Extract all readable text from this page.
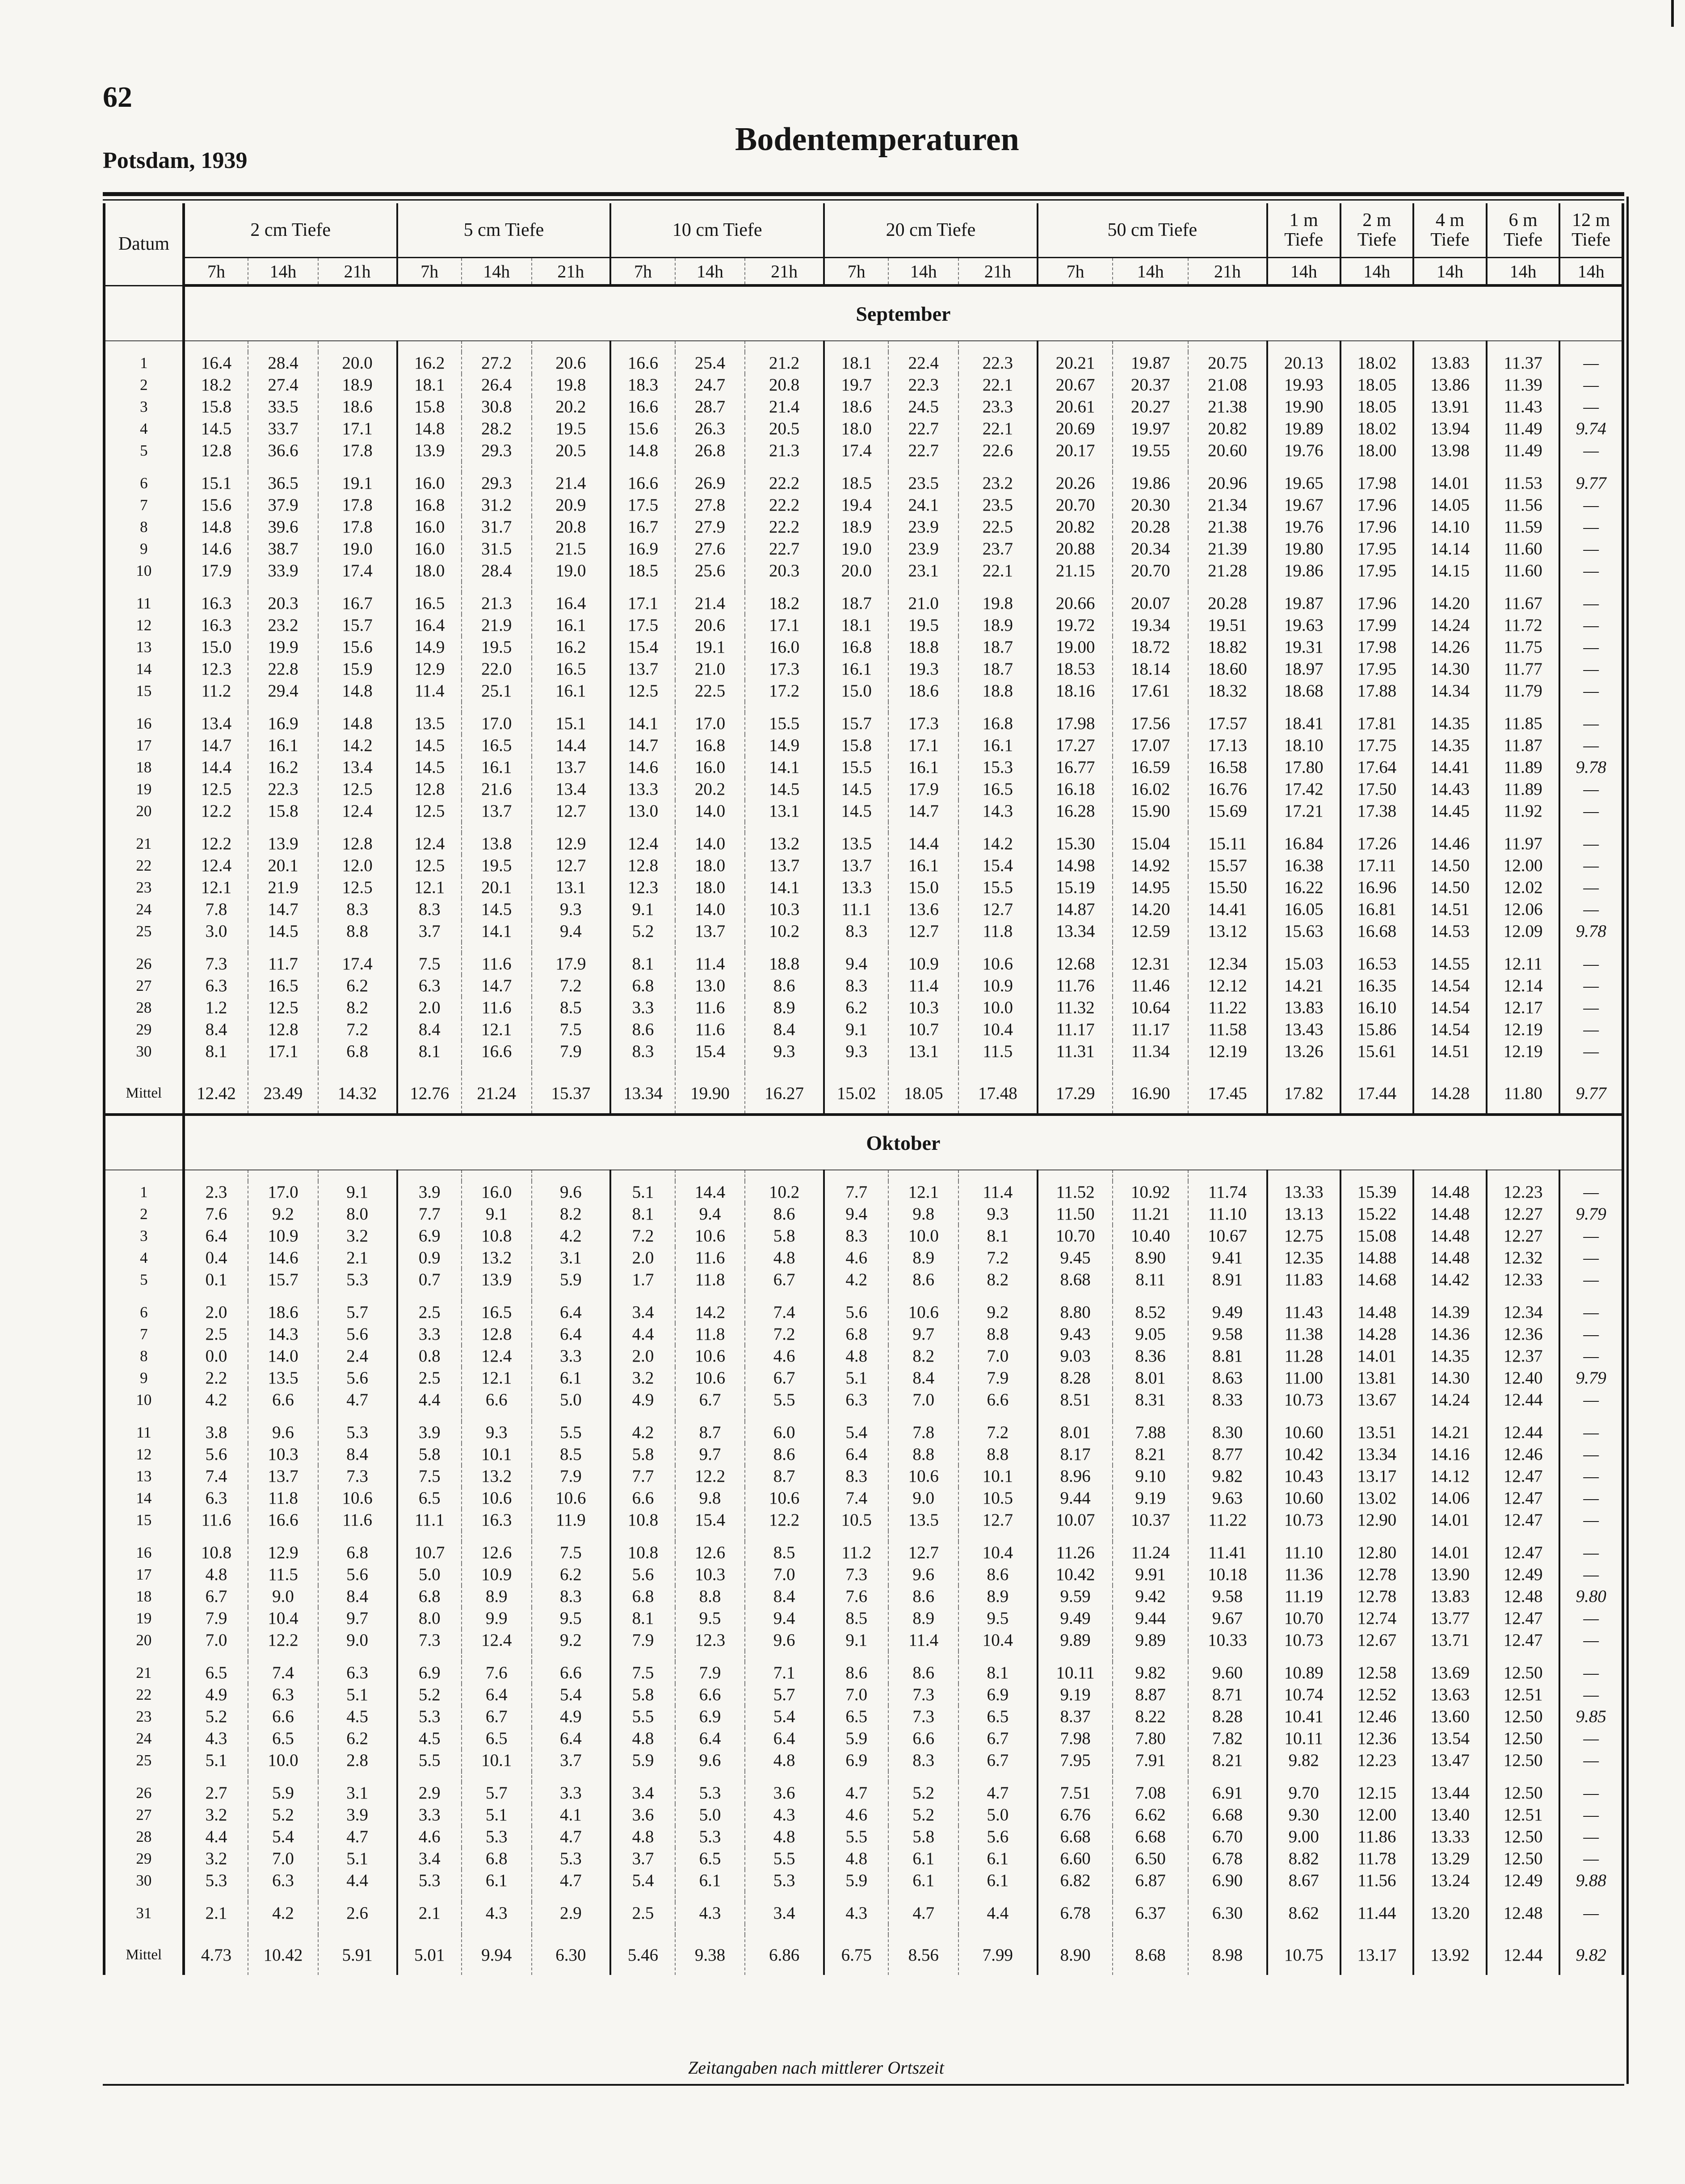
62
Potsdam, 1939
Bodentemperaturen
Datum	2 cm Tiefe			5 cm Tiefe			10 cm Tiefe			20 cm Tiefe			50 cm Tiefe			1 m Tiefe	2 m Tiefe	4 m Tiefe	6 m Tiefe	12 m Tiefe
	7h	14h	21h	7h	14h	21h	7h	14h	21h	7h	14h	21h	7h	14h	21h	14h	14h	14h	14h	14h
	September																			

1	16.4	28.4	20.0	16.2	27.2	20.6	16.6	25.4	21.2	18.1	22.4	22.3	20.21	19.87	20.75	20.13	18.02	13.83	11.37	—
2	18.2	27.4	18.9	18.1	26.4	19.8	18.3	24.7	20.8	19.7	22.3	22.1	20.67	20.37	21.08	19.93	18.05	13.86	11.39	—
3	15.8	33.5	18.6	15.8	30.8	20.2	16.6	28.7	21.4	18.6	24.5	23.3	20.61	20.27	21.38	19.90	18.05	13.91	11.43	—
4	14.5	33.7	17.1	14.8	28.2	19.5	15.6	26.3	20.5	18.0	22.7	22.1	20.69	19.97	20.82	19.89	18.02	13.94	11.49	9.74
5	12.8	36.6	17.8	13.9	29.3	20.5	14.8	26.8	21.3	17.4	22.7	22.6	20.17	19.55	20.60	19.76	18.00	13.98	11.49	—

6	15.1	36.5	19.1	16.0	29.3	21.4	16.6	26.9	22.2	18.5	23.5	23.2	20.26	19.86	20.96	19.65	17.98	14.01	11.53	9.77
7	15.6	37.9	17.8	16.8	31.2	20.9	17.5	27.8	22.2	19.4	24.1	23.5	20.70	20.30	21.34	19.67	17.96	14.05	11.56	—
8	14.8	39.6	17.8	16.0	31.7	20.8	16.7	27.9	22.2	18.9	23.9	22.5	20.82	20.28	21.38	19.76	17.96	14.10	11.59	—
9	14.6	38.7	19.0	16.0	31.5	21.5	16.9	27.6	22.7	19.0	23.9	23.7	20.88	20.34	21.39	19.80	17.95	14.14	11.60	—
10	17.9	33.9	17.4	18.0	28.4	19.0	18.5	25.6	20.3	20.0	23.1	22.1	21.15	20.70	21.28	19.86	17.95	14.15	11.60	—

11	16.3	20.3	16.7	16.5	21.3	16.4	17.1	21.4	18.2	18.7	21.0	19.8	20.66	20.07	20.28	19.87	17.96	14.20	11.67	—
12	16.3	23.2	15.7	16.4	21.9	16.1	17.5	20.6	17.1	18.1	19.5	18.9	19.72	19.34	19.51	19.63	17.99	14.24	11.72	—
13	15.0	19.9	15.6	14.9	19.5	16.2	15.4	19.1	16.0	16.8	18.8	18.7	19.00	18.72	18.82	19.31	17.98	14.26	11.75	—
14	12.3	22.8	15.9	12.9	22.0	16.5	13.7	21.0	17.3	16.1	19.3	18.7	18.53	18.14	18.60	18.97	17.95	14.30	11.77	—
15	11.2	29.4	14.8	11.4	25.1	16.1	12.5	22.5	17.2	15.0	18.6	18.8	18.16	17.61	18.32	18.68	17.88	14.34	11.79	—

16	13.4	16.9	14.8	13.5	17.0	15.1	14.1	17.0	15.5	15.7	17.3	16.8	17.98	17.56	17.57	18.41	17.81	14.35	11.85	—
17	14.7	16.1	14.2	14.5	16.5	14.4	14.7	16.8	14.9	15.8	17.1	16.1	17.27	17.07	17.13	18.10	17.75	14.35	11.87	—
18	14.4	16.2	13.4	14.5	16.1	13.7	14.6	16.0	14.1	15.5	16.1	15.3	16.77	16.59	16.58	17.80	17.64	14.41	11.89	9.78
19	12.5	22.3	12.5	12.8	21.6	13.4	13.3	20.2	14.5	14.5	17.9	16.5	16.18	16.02	16.76	17.42	17.50	14.43	11.89	—
20	12.2	15.8	12.4	12.5	13.7	12.7	13.0	14.0	13.1	14.5	14.7	14.3	16.28	15.90	15.69	17.21	17.38	14.45	11.92	—

21	12.2	13.9	12.8	12.4	13.8	12.9	12.4	14.0	13.2	13.5	14.4	14.2	15.30	15.04	15.11	16.84	17.26	14.46	11.97	—
22	12.4	20.1	12.0	12.5	19.5	12.7	12.8	18.0	13.7	13.7	16.1	15.4	14.98	14.92	15.57	16.38	17.11	14.50	12.00	—
23	12.1	21.9	12.5	12.1	20.1	13.1	12.3	18.0	14.1	13.3	15.0	15.5	15.19	14.95	15.50	16.22	16.96	14.50	12.02	—
24	7.8	14.7	8.3	8.3	14.5	9.3	9.1	14.0	10.3	11.1	13.6	12.7	14.87	14.20	14.41	16.05	16.81	14.51	12.06	—
25	3.0	14.5	8.8	3.7	14.1	9.4	5.2	13.7	10.2	8.3	12.7	11.8	13.34	12.59	13.12	15.63	16.68	14.53	12.09	9.78

26	7.3	11.7	17.4	7.5	11.6	17.9	8.1	11.4	18.8	9.4	10.9	10.6	12.68	12.31	12.34	15.03	16.53	14.55	12.11	—
27	6.3	16.5	6.2	6.3	14.7	7.2	6.8	13.0	8.6	8.3	11.4	10.9	11.76	11.46	12.12	14.21	16.35	14.54	12.14	—
28	1.2	12.5	8.2	2.0	11.6	8.5	3.3	11.6	8.9	6.2	10.3	10.0	11.32	10.64	11.22	13.83	16.10	14.54	12.17	—
29	8.4	12.8	7.2	8.4	12.1	7.5	8.6	11.6	8.4	9.1	10.7	10.4	11.17	11.17	11.58	13.43	15.86	14.54	12.19	—
30	8.1	17.1	6.8	8.1	16.6	7.9	8.3	15.4	9.3	9.3	13.1	11.5	11.31	11.34	12.19	13.26	15.61	14.51	12.19	—

Mittel	12.42	23.49	14.32	12.76	21.24	15.37	13.34	19.90	16.27	15.02	18.05	17.48	17.29	16.90	17.45	17.82	17.44	14.28	11.80	9.77
	Oktober																			

1	2.3	17.0	9.1	3.9	16.0	9.6	5.1	14.4	10.2	7.7	12.1	11.4	11.52	10.92	11.74	13.33	15.39	14.48	12.23	—
2	7.6	9.2	8.0	7.7	9.1	8.2	8.1	9.4	8.6	9.4	9.8	9.3	11.50	11.21	11.10	13.13	15.22	14.48	12.27	9.79
3	6.4	10.9	3.2	6.9	10.8	4.2	7.2	10.6	5.8	8.3	10.0	8.1	10.70	10.40	10.67	12.75	15.08	14.48	12.27	—
4	0.4	14.6	2.1	0.9	13.2	3.1	2.0	11.6	4.8	4.6	8.9	7.2	9.45	8.90	9.41	12.35	14.88	14.48	12.32	—
5	0.1	15.7	5.3	0.7	13.9	5.9	1.7	11.8	6.7	4.2	8.6	8.2	8.68	8.11	8.91	11.83	14.68	14.42	12.33	—

6	2.0	18.6	5.7	2.5	16.5	6.4	3.4	14.2	7.4	5.6	10.6	9.2	8.80	8.52	9.49	11.43	14.48	14.39	12.34	—
7	2.5	14.3	5.6	3.3	12.8	6.4	4.4	11.8	7.2	6.8	9.7	8.8	9.43	9.05	9.58	11.38	14.28	14.36	12.36	—
8	0.0	14.0	2.4	0.8	12.4	3.3	2.0	10.6	4.6	4.8	8.2	7.0	9.03	8.36	8.81	11.28	14.01	14.35	12.37	—
9	2.2	13.5	5.6	2.5	12.1	6.1	3.2	10.6	6.7	5.1	8.4	7.9	8.28	8.01	8.63	11.00	13.81	14.30	12.40	9.79
10	4.2	6.6	4.7	4.4	6.6	5.0	4.9	6.7	5.5	6.3	7.0	6.6	8.51	8.31	8.33	10.73	13.67	14.24	12.44	—

11	3.8	9.6	5.3	3.9	9.3	5.5	4.2	8.7	6.0	5.4	7.8	7.2	8.01	7.88	8.30	10.60	13.51	14.21	12.44	—
12	5.6	10.3	8.4	5.8	10.1	8.5	5.8	9.7	8.6	6.4	8.8	8.8	8.17	8.21	8.77	10.42	13.34	14.16	12.46	—
13	7.4	13.7	7.3	7.5	13.2	7.9	7.7	12.2	8.7	8.3	10.6	10.1	8.96	9.10	9.82	10.43	13.17	14.12	12.47	—
14	6.3	11.8	10.6	6.5	10.6	10.6	6.6	9.8	10.6	7.4	9.0	10.5	9.44	9.19	9.63	10.60	13.02	14.06	12.47	—
15	11.6	16.6	11.6	11.1	16.3	11.9	10.8	15.4	12.2	10.5	13.5	12.7	10.07	10.37	11.22	10.73	12.90	14.01	12.47	—

16	10.8	12.9	6.8	10.7	12.6	7.5	10.8	12.6	8.5	11.2	12.7	10.4	11.26	11.24	11.41	11.10	12.80	14.01	12.47	—
17	4.8	11.5	5.6	5.0	10.9	6.2	5.6	10.3	7.0	7.3	9.6	8.6	10.42	9.91	10.18	11.36	12.78	13.90	12.49	—
18	6.7	9.0	8.4	6.8	8.9	8.3	6.8	8.8	8.4	7.6	8.6	8.9	9.59	9.42	9.58	11.19	12.78	13.83	12.48	9.80
19	7.9	10.4	9.7	8.0	9.9	9.5	8.1	9.5	9.4	8.5	8.9	9.5	9.49	9.44	9.67	10.70	12.74	13.77	12.47	—
20	7.0	12.2	9.0	7.3	12.4	9.2	7.9	12.3	9.6	9.1	11.4	10.4	9.89	9.89	10.33	10.73	12.67	13.71	12.47	—

21	6.5	7.4	6.3	6.9	7.6	6.6	7.5	7.9	7.1	8.6	8.6	8.1	10.11	9.82	9.60	10.89	12.58	13.69	12.50	—
22	4.9	6.3	5.1	5.2	6.4	5.4	5.8	6.6	5.7	7.0	7.3	6.9	9.19	8.87	8.71	10.74	12.52	13.63	12.51	—
23	5.2	6.6	4.5	5.3	6.7	4.9	5.5	6.9	5.4	6.5	7.3	6.5	8.37	8.22	8.28	10.41	12.46	13.60	12.50	9.85
24	4.3	6.5	6.2	4.5	6.5	6.4	4.8	6.4	6.4	5.9	6.6	6.7	7.98	7.80	7.82	10.11	12.36	13.54	12.50	—
25	5.1	10.0	2.8	5.5	10.1	3.7	5.9	9.6	4.8	6.9	8.3	6.7	7.95	7.91	8.21	9.82	12.23	13.47	12.50	—

26	2.7	5.9	3.1	2.9	5.7	3.3	3.4	5.3	3.6	4.7	5.2	4.7	7.51	7.08	6.91	9.70	12.15	13.44	12.50	—
27	3.2	5.2	3.9	3.3	5.1	4.1	3.6	5.0	4.3	4.6	5.2	5.0	6.76	6.62	6.68	9.30	12.00	13.40	12.51	—
28	4.4	5.4	4.7	4.6	5.3	4.7	4.8	5.3	4.8	5.5	5.8	5.6	6.68	6.68	6.70	9.00	11.86	13.33	12.50	—
29	3.2	7.0	5.1	3.4	6.8	5.3	3.7	6.5	5.5	4.8	6.1	6.1	6.60	6.50	6.78	8.82	11.78	13.29	12.50	—
30	5.3	6.3	4.4	5.3	6.1	4.7	5.4	6.1	5.3	5.9	6.1	6.1	6.82	6.87	6.90	8.67	11.56	13.24	12.49	9.88

31	2.1	4.2	2.6	2.1	4.3	2.9	2.5	4.3	3.4	4.3	4.7	4.4	6.78	6.37	6.30	8.62	11.44	13.20	12.48	—

Mittel	4.73	10.42	5.91	5.01	9.94	6.30	5.46	9.38	6.86	6.75	8.56	7.99	8.90	8.68	8.98	10.75	13.17	13.92	12.44	9.82
Zeitangaben nach mittlerer Ortszeit
